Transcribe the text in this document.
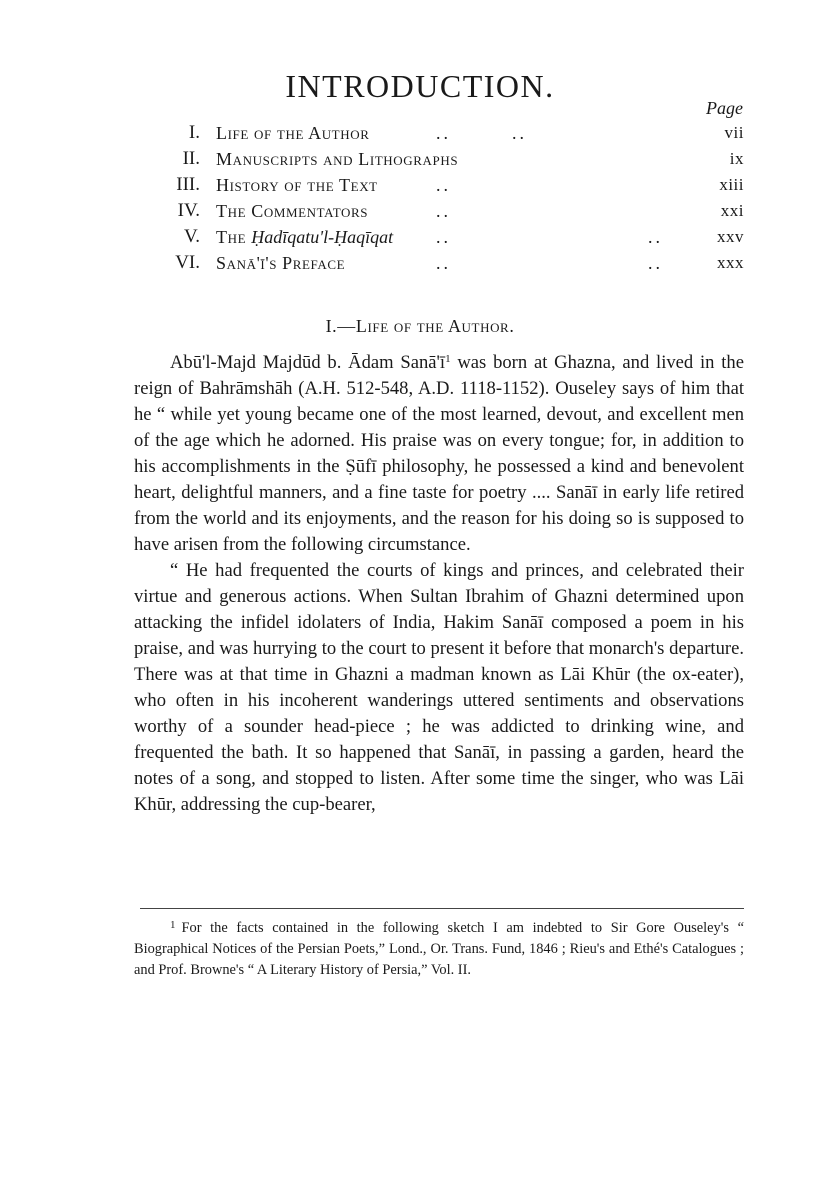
INTRODUCTION.
Page
I. Life of the Author	..	..	vii
II. Manuscripts and Lithographs	ix
III. History of the Text	..	xiii
IV. The Commentators	..	xxi
V. The Ḥadīqatu'l-Ḥaqīqat ..	..	xxv
VI. Sanā'ī's Preface	..	..	xxx
I.—Life of the Author.

Abū'l-Majd Majdūd b. Ādam Sanā'ī$^1$ was born at Ghazna, and lived in the reign of Bahrāmshāh (A.H. 512-548, A.D. 1118-1152). Ouseley says of him that he “ while yet young became one of the most learned, devout, and excellent men of the age which he adorned. His praise was on every tongue; for, in addition to his accomplishments in the Ṣūfī philosophy, he possessed a kind and benevolent heart, delightful manners, and a fine taste for poetry .... Sanāī in early life retired from the world and its enjoyments, and the reason for his doing so is supposed to have arisen from the following circumstance.

“ He had frequented the courts of kings and princes, and celebrated their virtue and generous actions. When Sultan Ibrahim of Ghazni determined upon attacking the infidel idolaters of India, Hakim Sanāī composed a poem in his praise, and was hurrying to the court to present it before that monarch's departure. There was at that time in Ghazni a madman known as Lāi Khūr (the ox-eater), who often in his incoherent wanderings uttered sentiments and observations worthy of a sounder head-piece ; he was addicted to drinking wine, and frequented the bath. It so happened that Sanāī, in passing a garden, heard the notes of a song, and stopped to listen. After some time the singer, who was Lāi Khūr, addressing the cup-bearer,

$^1$ For the facts contained in the following sketch I am indebted to Sir Gore Ouseley's “ Biographical Notices of the Persian Poets,” Lond., Or. Trans. Fund, 1846 ; Rieu's and Ethé's Catalogues ; and Prof. Browne's “ A Literary History of Persia,” Vol. II.
